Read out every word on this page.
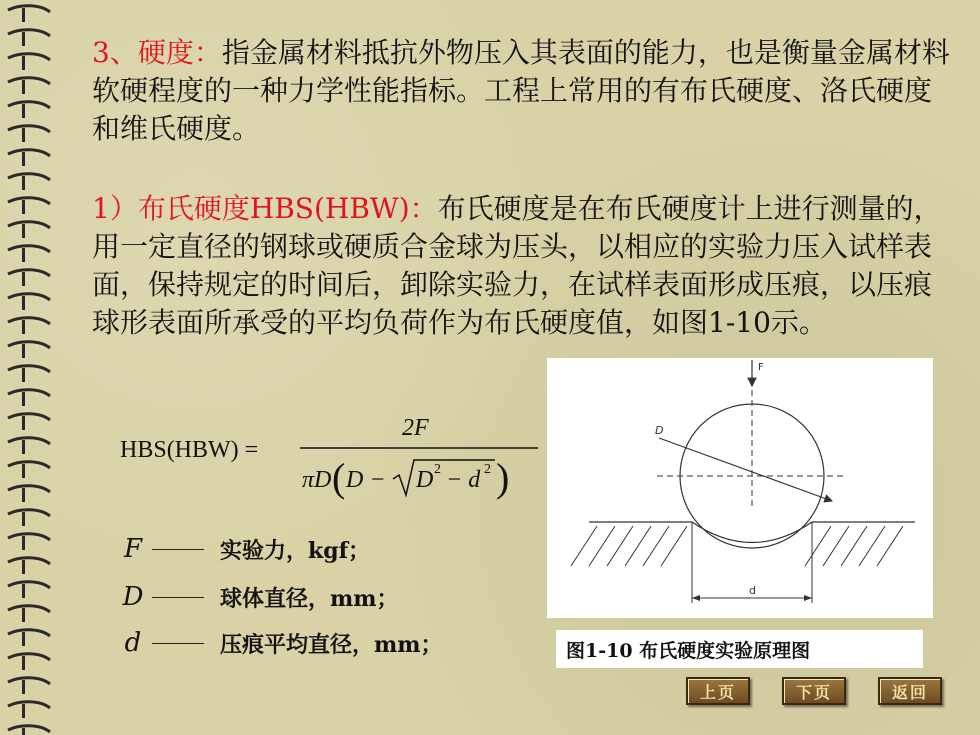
3、硬度：指金属材料抵抗外物压入其表面的能力，也是衡量金属材料软硬程度的一种力学性能指标。工程上常用的有布氏硬度、洛氏硬度和维氏硬度。

1）布氏硬度HBS(HBW)：布氏硬度是在布氏硬度计上进行测量的，用一定直径的钢球或硬质合金球为压头，以相应的实验力压入试样表面，保持规定的时间后，卸除实验力，在试样表面形成压痕，以压痕球形表面所承受的平均负荷作为布氏硬度值，如图1-10示。

HBS(HBW) =
2F
πD ( D − D 2 − d 2 )
F	实验力，kgf；
D	球体直径，mm；
d	压痕平均直径，mm；
F
D
d
图1-10 布氏硬度实验原理图
上页	下页	返回
